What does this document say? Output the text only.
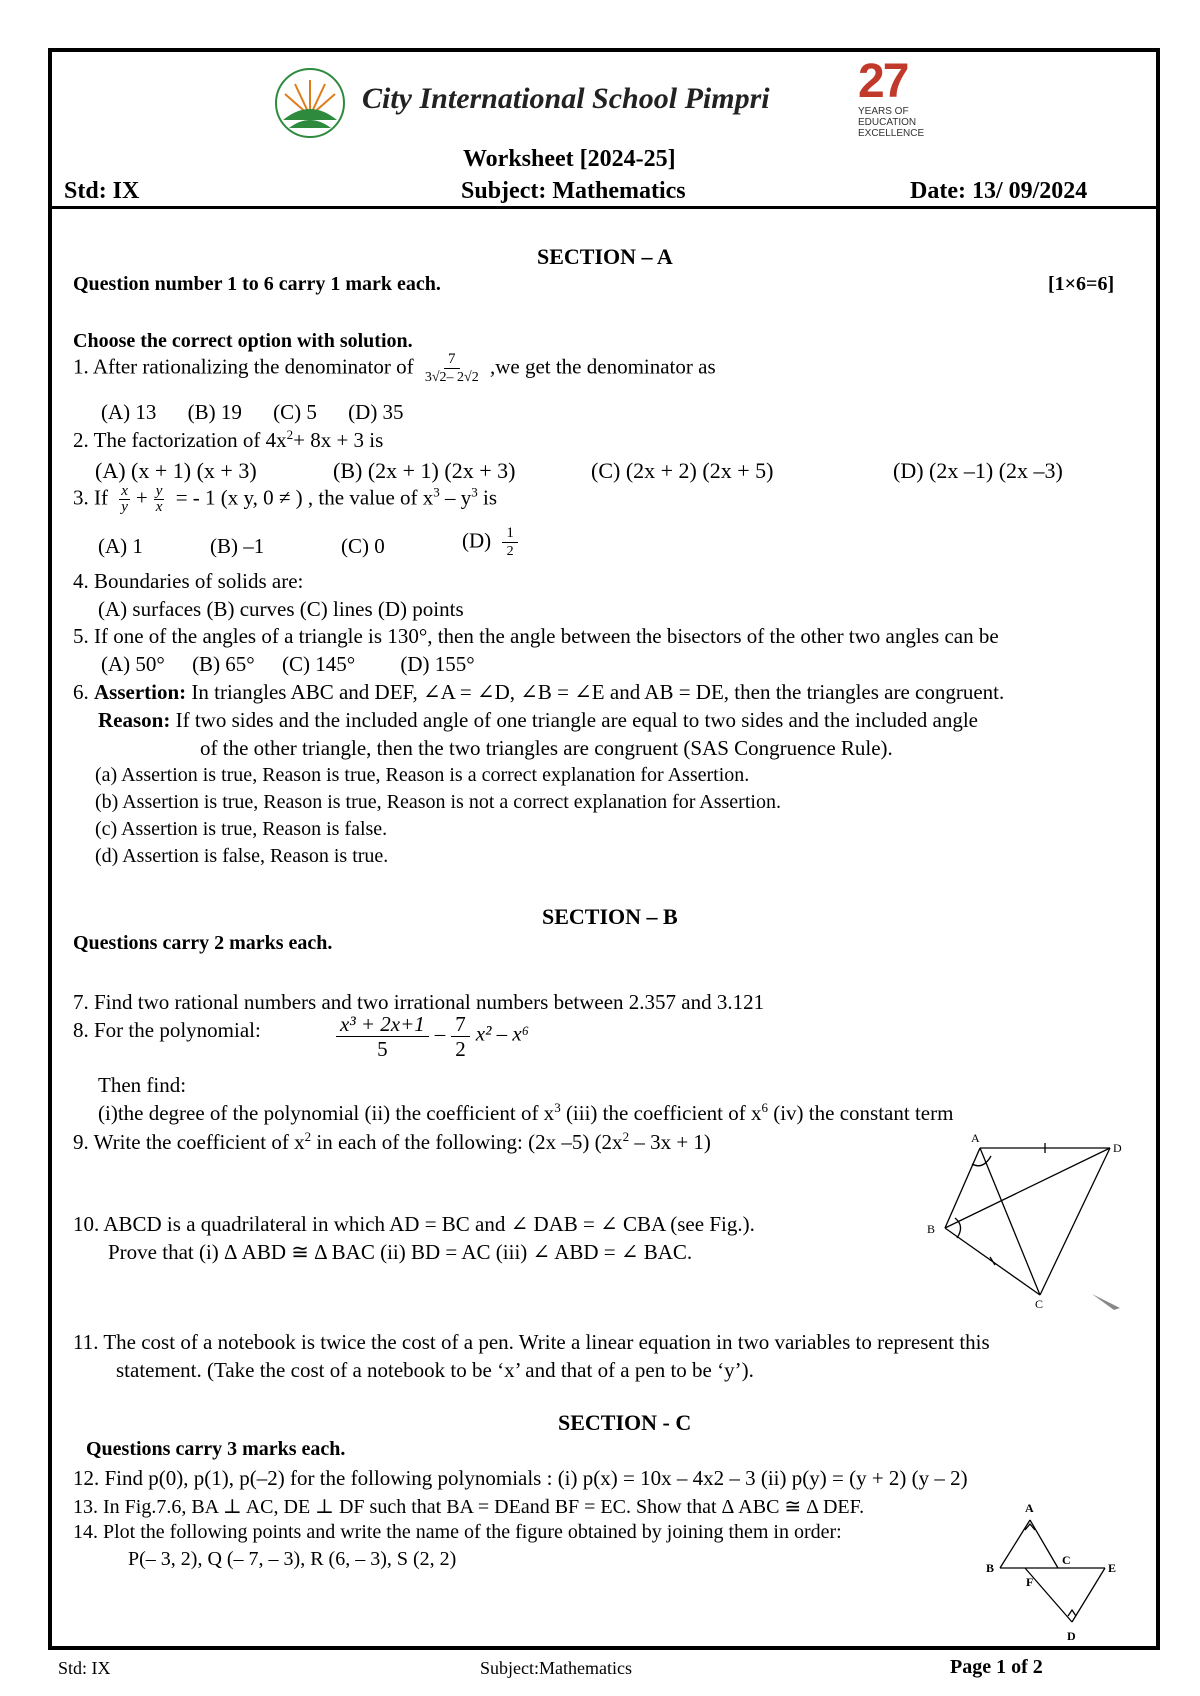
City International School Pimpri 27
YEARS OF
EDUCATION
EXCELLENCE
Worksheet [2024-25]
Std: IX	Subject: Mathematics	Date: 13/ 09/2024
SECTION – A
Question number 1 to 6 carry 1 mark each.	[1×6=6]
Choose the correct option with solution.
1. After rationalizing the denominator of $\frac{7}{3√2- 2√2} ,we$ get the denominator as
(A) 13 (B) 19 (C) 5 (D) 35
2. The factorization of $4x^2+ 8x + 3$ is
(A) (x + 1) (x + 3)	(B) (2x + 1) (2x + 3)	(C) (2x + 2) (2x + 5)	(D) (2x –1) (2x –3)
3. If $\frac{x}{y} + \frac{y}{x}$ = - 1 (x y, 0 ≠ ) , the value of $x^3 - y^3$ is
(A) 1	(B) –1	(C) 0	$(D) \frac{1}{2}$
4. Boundaries of solids are:
(A) surfaces (B) curves (C) lines (D) points
5. If one of the angles of a triangle is 130°, then the angle between the bisectors of the other two angles can be
(A) 50° (B) 65° (C) 145° (D) 155°
6. Assertion: In triangles ABC and DEF, ∠A = ∠D, ∠B = ∠E and AB = DE, then the triangles are congruent.
Reason: If two sides and the included angle of one triangle are equal to two sides and the included angle
of the other triangle, then the two triangles are congruent (SAS Congruence Rule).
(a) Assertion is true, Reason is true, Reason is a correct explanation for Assertion.
(b) Assertion is true, Reason is true, Reason is not a correct explanation for Assertion.
(c) Assertion is true, Reason is false.
(d) Assertion is false, Reason is true.
SECTION – B
Questions carry 2 marks each.
7. Find two rational numbers and two irrational numbers between 2.357 and 3.121
8. For the polynomial:	$\frac{\text{x³ + 2x+1}}{5} - \frac{7}{2} x^2 - x^6$
Then find:
(i)the degree of the polynomial (ii) the coefficient of $x^3$ (iii) the coefficient of $x^6$ (iv) the constant term
9. Write the coefficient of $x^2$ in each of the following: (2x –5) $(2x^2 - 3x + 1)$
10. ABCD is a quadrilateral in which AD = BC and ∠ DAB = ∠ CBA (see Fig.).
Prove that (i) Δ ABD ≅ Δ BAC (ii) BD = AC (iii) ∠ ABD = ∠ BAC.
A
D
B
C
11. The cost of a notebook is twice the cost of a pen. Write a linear equation in two variables to represent this
statement. (Take the cost of a notebook to be ‘x’ and that of a pen to be ‘y’).
SECTION - C
Questions carry 3 marks each.
12. Find p(0), p(1), p(–2) for the following polynomials : (i) p(x) = 10x – 4x2 – 3 (ii) p(y) = (y + 2) (y – 2)
13. In Fig.7.6, BA ⊥ AC, DE ⊥ DF such that BA = DEand BF = EC. Show that Δ ABC ≅ Δ DEF.
14. Plot the following points and write the name of the figure obtained by joining them in order:
P(– 3, 2), Q (– 7, – 3), R (6, – 3), S (2, 2)
A
B
C
E
F
D
Std: IX	Subject:Mathematics	Page 1 of 2
